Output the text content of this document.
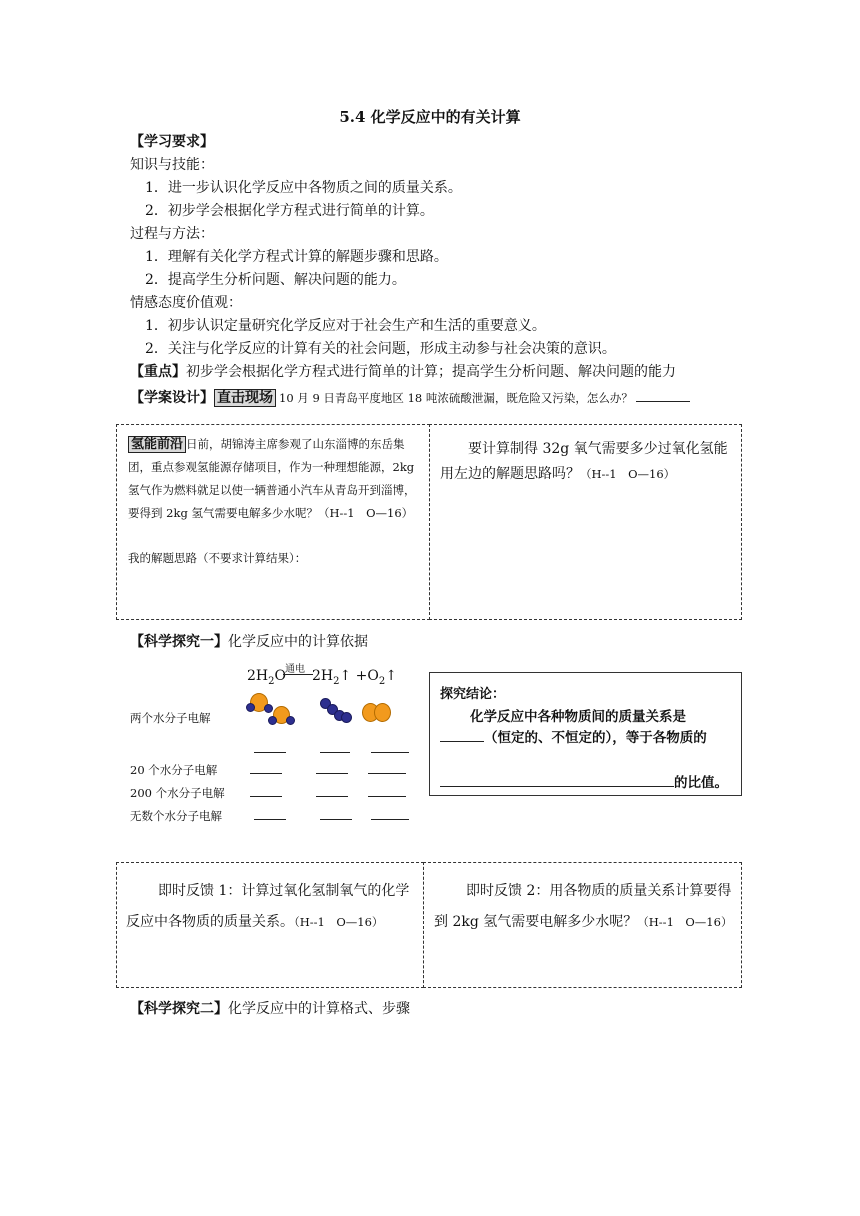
5.4 化学反应中的有关计算
【学习要求】
知识与技能：
1．进一步认识化学反应中各物质之间的质量关系。
2．初步学会根据化学方程式进行简单的计算。
过程与方法：
1．理解有关化学方程式计算的解题步骤和思路。
2．提高学生分析问题、解决问题的能力。
情感态度价值观：
1．初步认识定量研究化学反应对于社会生产和生活的重要意义。
2．关注与化学反应的计算有关的社会问题，形成主动参与社会决策的意识。
【重点】初步学会根据化学方程式进行简单的计算；提高学生分析问题、解决问题的能力
【学案设计】 直击现场 10 月 9 日青岛平度地区 18 吨浓硫酸泄漏，既危险又污染，怎么办？
氢能前沿 日前，胡锦涛主席参观了山东淄博的东岳集团，重点参观氢能源存储项目，作为一种理想能源，2kg 氢气作为燃料就足以使一辆普通小汽车从青岛开到淄博，要得到 2kg 氢气需要电解多少水呢？（H--1　O—16）
我的解题思路（不要求计算结果）：
要计算制得 32g 氧气需要多少过氧化氢能用左边的解题思路吗？（H--1　O—16）
【科学探究一】化学反应中的计算依据
$2H_2O$ 通电 $2H_2↑$ $+O_2↑$
两个水分子电解
20 个水分子电解
200 个水分子电解
无数个水分子电解
探究结论：
化学反应中各种物质间的质量关系是
（恒定的、不恒定的），等于各物质的
的比值。
即时反馈 1：计算过氧化氢制氧气的化学反应中各物质的质量关系。（H--1　O—16）
即时反馈 2：用各物质的质量关系计算要得到 2kg 氢气需要电解多少水呢？（H--1　O—16）
【科学探究二】化学反应中的计算格式、步骤
